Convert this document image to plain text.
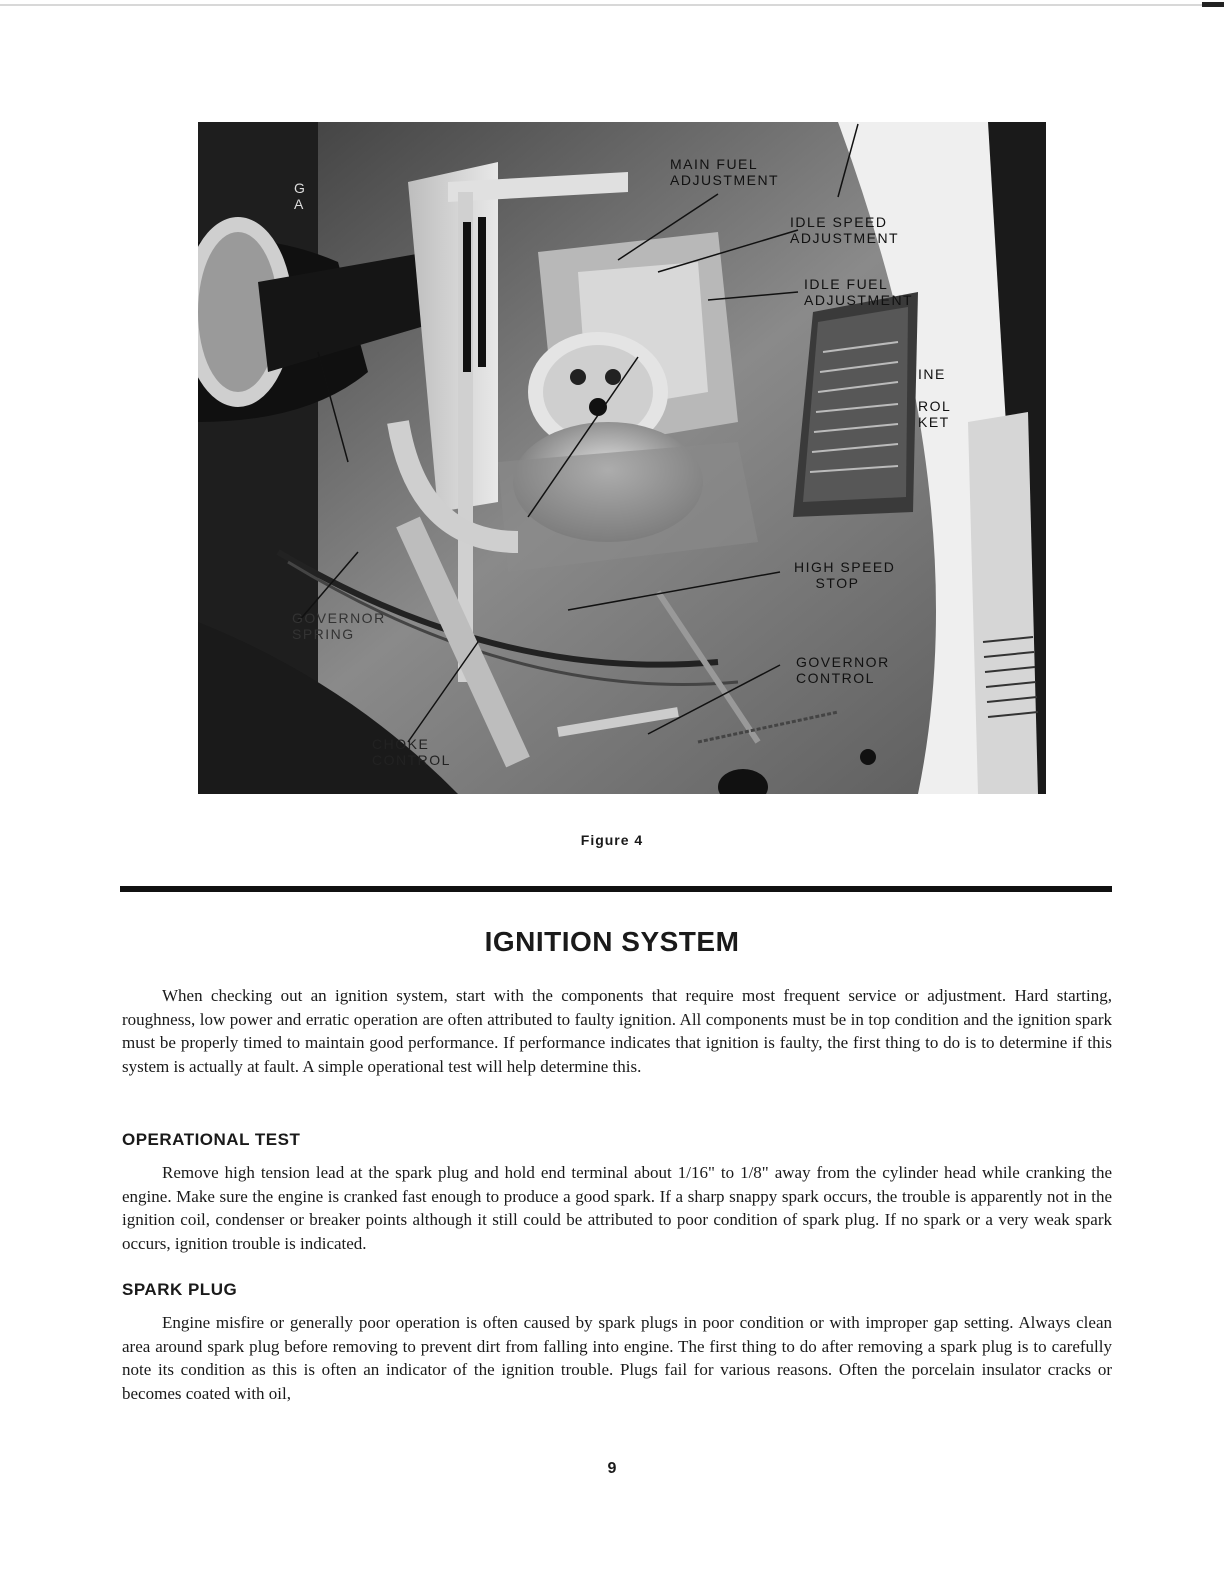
MAIN FUEL
ADJUSTMENT
IDLE SPEED
ADJUSTMENT
IDLE FUEL
ADJUSTMENT
G
A
INE

ROL
KET
HIGH SPEED
STOP
GOVERNOR
SPRING
GOVERNOR
CONTROL
CHOKE
CONTROL
Figure 4
IGNITION SYSTEM

When checking out an ignition system, start with the components that require most frequent service or adjustment. Hard starting, roughness, low power and erratic operation are often attributed to faulty ignition. All components must be in top condition and the ignition spark must be properly timed to maintain good performance. If performance indicates that ignition is faulty, the first thing to do is to determine if this system is actually at fault. A simple operational test will help determine this.

OPERATIONAL TEST

Remove high tension lead at the spark plug and hold end terminal about 1/16" to 1/8" away from the cylinder head while cranking the engine. Make sure the engine is cranked fast enough to produce a good spark. If a sharp snappy spark occurs, the trouble is apparently not in the ignition coil, condenser or breaker points although it still could be attributed to poor condition of spark plug. If no spark or a very weak spark occurs, ignition trouble is indicated.

SPARK PLUG

Engine misfire or generally poor operation is often caused by spark plugs in poor condition or with improper gap setting. Always clean area around spark plug before removing to prevent dirt from falling into engine. The first thing to do after removing a spark plug is to carefully note its condition as this is often an indicator of the ignition trouble. Plugs fail for various reasons. Often the porcelain insulator cracks or becomes coated with oil,

9
